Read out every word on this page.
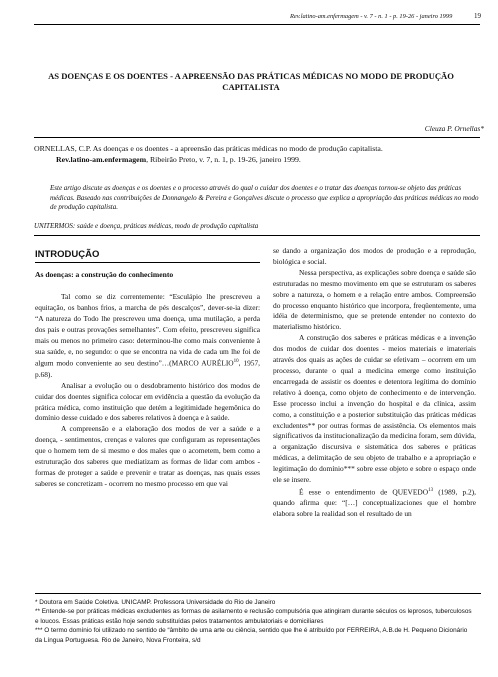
Rev.latino-am.enfermagem - v. 7 - n. 1 - p. 19-26 - janeiro 1999	19
AS DOENÇAS E OS DOENTES - A APREENSÃO DAS PRÁTICAS MÉDICAS NO MODO DE PRODUÇÃO CAPITALISTA
Cleuza P. Ornellas*
ORNELLAS, C.P. As doenças e os doentes - a apreensão das práticas médicas no modo de produção capitalista.
Rev.latino-am.enfermagem, Ribeirão Preto, v. 7, n. 1, p. 19-26, janeiro 1999.
Este artigo discute as doenças e os doentes e o processo através do qual o cuidar dos doentes e o tratar das doenças tornou-se objeto das práticas médicas. Baseado nas contribuições de Donnangelo & Pereira e Gonçalves discute o processo que explica a apropriação das práticas médicas no modo de produção capitalista.
UNITERMOS: saúde e doença, práticas médicas, modo de produção capitalista
INTRODUÇÃO
As doenças: a construção do conhecimento

Tal como se diz correntemente: “Esculápio lhe prescreveu a equitação, os banhos frios, a marcha de pés descalços”, dever-se-ia dizer: “A natureza do Todo lhe prescreveu uma doença, uma mutilação, a perda dos pais e outras provações semelhantes”. Com efeito, prescreveu significa mais ou menos no primeiro caso: determinou-lhe como mais conveniente à sua saúde, e, no segundo: o que se encontra na vida de cada um lhe foi de algum modo conveniente ao seu destino”…(MARCO AURÉLIO$^{10}$, 1957, p.68).

Analisar a evolução ou o desdobramento histórico dos modos de cuidar dos doentes significa colocar em evidência a questão da evolução da prática médica, como instituição que detém a legitimidade hegemônica do domínio desse cuidado e dos saberes relativos à doença e à saúde.

A compreensão e a elaboração dos modos de ver a saúde e a doença, - sentimentos, crenças e valores que configuram as representações que o homem tem de si mesmo e dos males que o acometem, bem como a estruturação dos saberes que mediatizam as formas de lidar com ambos - formas de proteger a saúde e prevenir e tratar as doenças, nas quais esses saberes se concretizam - ocorrem no mesmo processo em que vai

se dando a organização dos modos de produção e a reprodução, biológica e social.

Nessa perspectiva, as explicações sobre doença e saúde são estruturadas no mesmo movimento em que se estruturam os saberes sobre a natureza, o homem e a relação entre ambos. Compreensão do processo enquanto histórico que incorpora, freqüentemente, uma idéia de determinismo, que se pretende entender no contexto do materialismo histórico.

A construção dos saberes e práticas médicas e a invenção dos modos de cuidar dos doentes - meios materiais e imateriais através dos quais as ações de cuidar se efetivam – ocorrem em um processo, durante o qual a medicina emerge como instituição encarregada de assistir os doentes e detentora legítima do domínio relativo à doença, como objeto de conhecimento e de intervenção. Esse processo inclui a invenção do hospital e da clínica, assim como, a constituição e a posterior substituição das práticas médicas excludentes** por outras formas de assistência. Os elementos mais significativos da institucionalização da medicina foram, sem dúvida, a organização discursiva e sistemática dos saberes e práticas médicas, a delimitação de seu objeto de trabalho e a apropriação e legitimação do domínio*** sobre esse objeto e sobre o espaço onde ele se insere.

É esse o entendimento de QUEVEDO$^{13}$ (1989, p.2), quando afirma que: “[…] conceptualizaciones que el hombre elabora sobre la realidad son el resultado de un

* Doutora em Saúde Coletiva. UNICAMP. Professora Universidade do Rio de Janeiro
** Entende-se por práticas médicas excludentes as formas de asilamento e reclusão compulsória que atingiram durante séculos os leprosos, tuberculosos e loucos. Essas práticas estão hoje sendo substituídas pelos tratamentos ambulatoriais e domiciliares
*** O termo domínio foi utilizado no sentido de “âmbito de uma arte ou ciência, sentido que lhe é atribuído por FERREIRA, A.B.de H. Pequeno Dicionário da Língua Portuguesa. Rio de Janeiro, Nova Fronteira, s/d
